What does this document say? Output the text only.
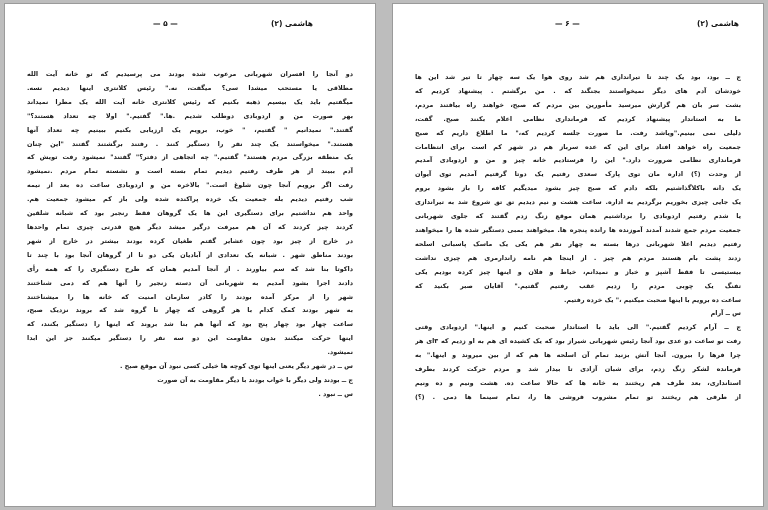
هاشمی (۲)
— ۵ —
دو آنجا را افسران شهربانی مرعوب شده بودند می پرسیدیم که تو خانه آیت الله
مطلاقی یا مستحب میشدا سی؟ میگفت، نه." رئیس کلانتری اینها دیدیم نسه.
میگفتیم باید یک بیسیم ذهبه بکنیم که رئیس کلانتری خانه آیت الله یک مطرا نمیداند
بهر صورت من و اردوبادی دوطلب شدیم .ها." گفتیم." اولا چه تعداد هستند؟"
گفتند." نمیدانیم " گفتیم، " خوب، برویم یک ارزیابی بکنیم ببینیم چه تعداد آنها
هستند." میخواستند یک چند نفر را دستگیر کنند . رفتند برگشتند گفتند "این چنان
یک منطقه بزرگی مردم هستند" گفتیم." چه اتجاهی از دفتر؟" گفتند" نمیشود رفت تویش که
آدم ببیند از هر طرف رفتیم دیدیم تمام بسته است و نشسته تمام مردم .نمیشود
رفت اگر برویم آنجا چون شلوغ است." بالاخره من و اردوبادی ساعت ده بعد از نیمه
شب رفتیم دیدیم بله جمعیت یک خرده پراکنده شده ولی باز کم میشود جمعیت هم.
واحد هم نداشتیم برای دستگیری این ها یک گروهان فقط رنجبر بود که شبانه شلقین
کردند چیز کردند که آن هم میرفت درگیر میشد دیگر هیچ قدرتی چیزی تمام واحدها
در خارج از چیز بود چون عشایر گفتم طغیان کرده بودند بیشتر در خارج از شهر
بودند مناطق شهر . شبانه یک تعدادی از آبادیان یکی دو تا از گروهان آنجا بود با چند تا
داکوتا بنا شد که سم بیاورند . از آنجا آمدیم همان که طرح دستگیری را که همه رأی
دادند اجرا بشود آمدیم به شهربانی آن دسته زنجیر را آنها هم که دمی شناختند
شهر را از مرکز آمده بودند را کادر سازمان امنیت که خانه ها را میشناختند
به شهر بودند کمک کدام با هر گروهی که چهار تا گروه شد که بروند نزدیک صبح،
ساعت چهار بود چهار پنج بود که آنها هم بنا شد بروند که اینها را دستگیر بکنند، که
اینها حرکت میکنند بدون مقاومت این دو سه نفر را دستگیر میکنند جز این ابدا
نمیشود.
س ــ در شهر دیگر یعنی اینها توی کوچه ها خیلی کسی نبود آن موقع صبح .
ج ــ بودند ولی دیگر با خواب بودند با دیگر مقاومت به آن صورت
س ــ نبود .
هاشمی (۲)
— ۶ —
ج ــ بود، بود یک چند تا تیراندازی هم شد روی هوا یک سه چهار تا تیر شد این ها
خودشان آدم های دیگر نمیخواستند بجنگند که . من برگشتم . پیشنهاد کردیم که
بشت سر بان هم گزارش میرسید مأمورین بین مردم که صبح، خواهند راه بیافتند مردم،
ما به استاندار پیشنهاد کردیم که فرمانداری نظامی اعلام بکنند صبح. گفت،
دلیلی نمی بینیم."ویاشد رفت. ما صورت جلسه کردیم که،" ما اطلاع داریم که صبح
جمعیت راه خواهد افتاد برای این که عده سرباز هم در شهر کم است برای انتظامات
فرمانداری نظامی ضرورت دارد." این را فرستادیم خانه چیز و من و اردوبادی آمدیم
از وحدت (؟) اداره مان توی پارک سعدی رفتیم یک دوتا گرفتیم آمدیم توی آیوان
یک دانه باکلاگذاشتیم بلکه دادم که صبح چیز بشود میدیگیم کافه را باز بشود بروم
یک جایی چیزی بخوریم برگردیم به اداره. ساعت هشت و نیم دیدیم تق تق شروع شد به تیراندازی
یا شدم رفتیم اردوبادی را برداشتیم همان موقع زنگ زدم گفتند که جلوی شهربانی
جمعیت مردم جمع شدند آمدند آموزنده ها رانده پنجره ها. میخواهند بمبی دستگیر شده ها را میخواهند
رفتیم دیدیم اعلا شهربانی درها بسته به چهار نفر هم یکی یک ماسک پاسبانی اسلحه
زدند پشت بام هستند مردم هم چیز . از اینجا هم نامه زاندارمری هم چیزی نداشت
بیستیسی تا فقط آشپز و خباز و نمیدانم، خیاط و فلان و اینها چیز کرده بودیم یکی
تفنگ یک چوبی مردم را زدیم عقب رفتیم گفتیم." آقایان صبر بکنید که
ساعت ده برویم با اینها صحبت میکنیم ،" یک خرده رفتیم.
س ــ آرام
ج ــ آرام کردیم گفتیم." الی باید با استاندار صحبت کنیم و اینها." اردوبادی وقتی
رفت تو ساعت دو عدی بود آنجا رئیس شهربانی شیراز بود که یک کشیده ای هم به او زدیم که ۳ای هر
چرا فرها را بیرون. آنجا آتش بزنید تمام آن اسلحه ها هم که از بین میروند و اینها." به
فرمانده لشکر زنگ زدم، برای شبان آزادی تا بیدار شد و مردم حرکت کردند بطرف
استانداری، بعد طرف هم ریختند به خانه ها که حالا ساعت ده. هشت ونیم و ده ونیم
از طرفی هم ریختند تو تمام مشروب فروشی ها را، تمام سینما ها دمی . (؟)
